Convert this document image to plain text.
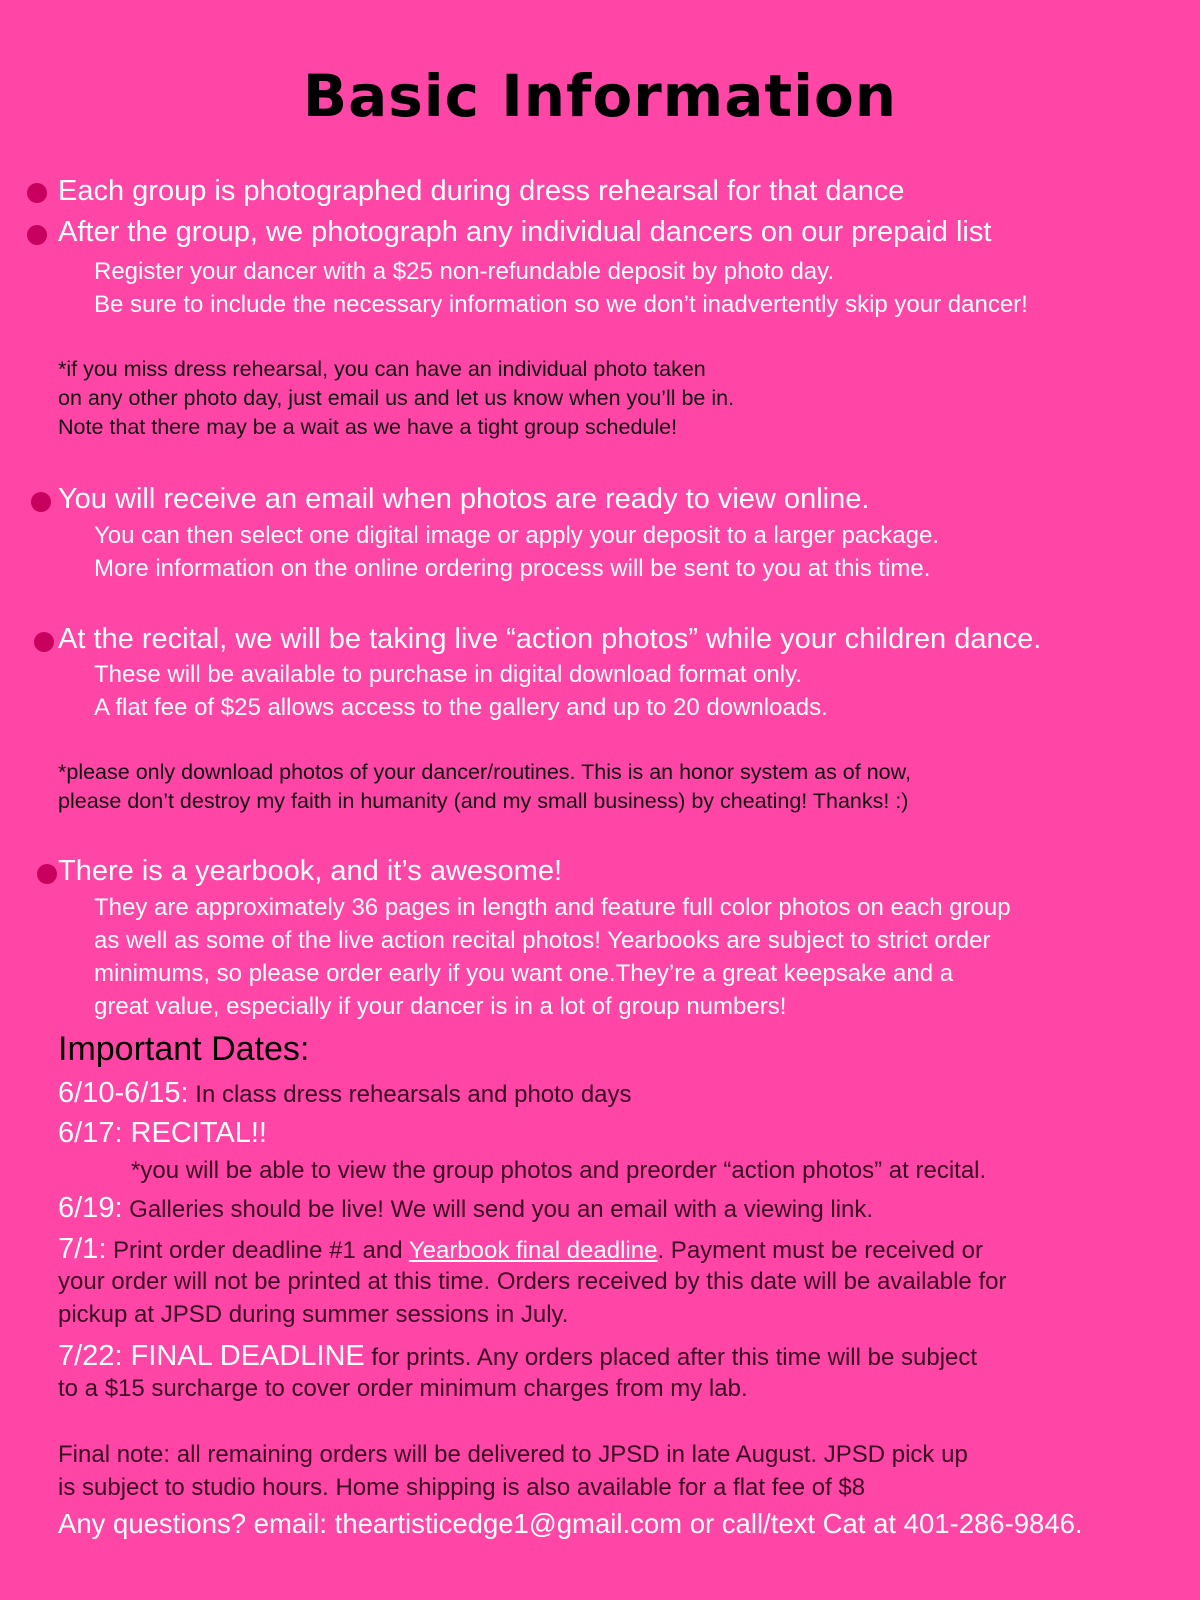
Basic Information
Each group is photographed during dress rehearsal for that dance
After the group, we photograph any individual dancers on our prepaid list
Register your dancer with a $25 non-refundable deposit by photo day.
Be sure to include the necessary information so we don’t inadvertently skip your dancer!
*if you miss dress rehearsal, you can have an individual photo taken
on any other photo day, just email us and let us know when you’ll be in.
Note that there may be a wait as we have a tight group schedule!
You will receive an email when photos are ready to view online.
You can then select one digital image or apply your deposit to a larger package.
More information on the online ordering process will be sent to you at this time.
At the recital, we will be taking live “action photos” while your children dance.
These will be available to purchase in digital download format only.
A flat fee of $25 allows access to the gallery and up to 20 downloads.
*please only download photos of your dancer/routines. This is an honor system as of now,
please don’t destroy my faith in humanity (and my small business) by cheating! Thanks! :)
There is a yearbook, and it’s awesome!
They are approximately 36 pages in length and feature full color photos on each group
as well as some of the live action recital photos! Yearbooks are subject to strict order
minimums, so please order early if you want one.They’re a great keepsake and a
great value, especially if your dancer is in a lot of group numbers!
Important Dates:
6/10-6/15: In class dress rehearsals and photo days
6/17: RECITAL!!
*you will be able to view the group photos and preorder “action photos” at recital.
6/19: Galleries should be live! We will send you an email with a viewing link.
7/1: Print order deadline #1 and Yearbook final deadline. Payment must be received or
your order will not be printed at this time. Orders received by this date will be available for
pickup at JPSD during summer sessions in July.
7/22: FINAL DEADLINE for prints. Any orders placed after this time will be subject
to a $15 surcharge to cover order minimum charges from my lab.
Final note: all remaining orders will be delivered to JPSD in late August. JPSD pick up
is subject to studio hours. Home shipping is also available for a flat fee of $8
Any questions? email: theartisticedge1@gmail.com or call/text Cat at 401-286-9846.
